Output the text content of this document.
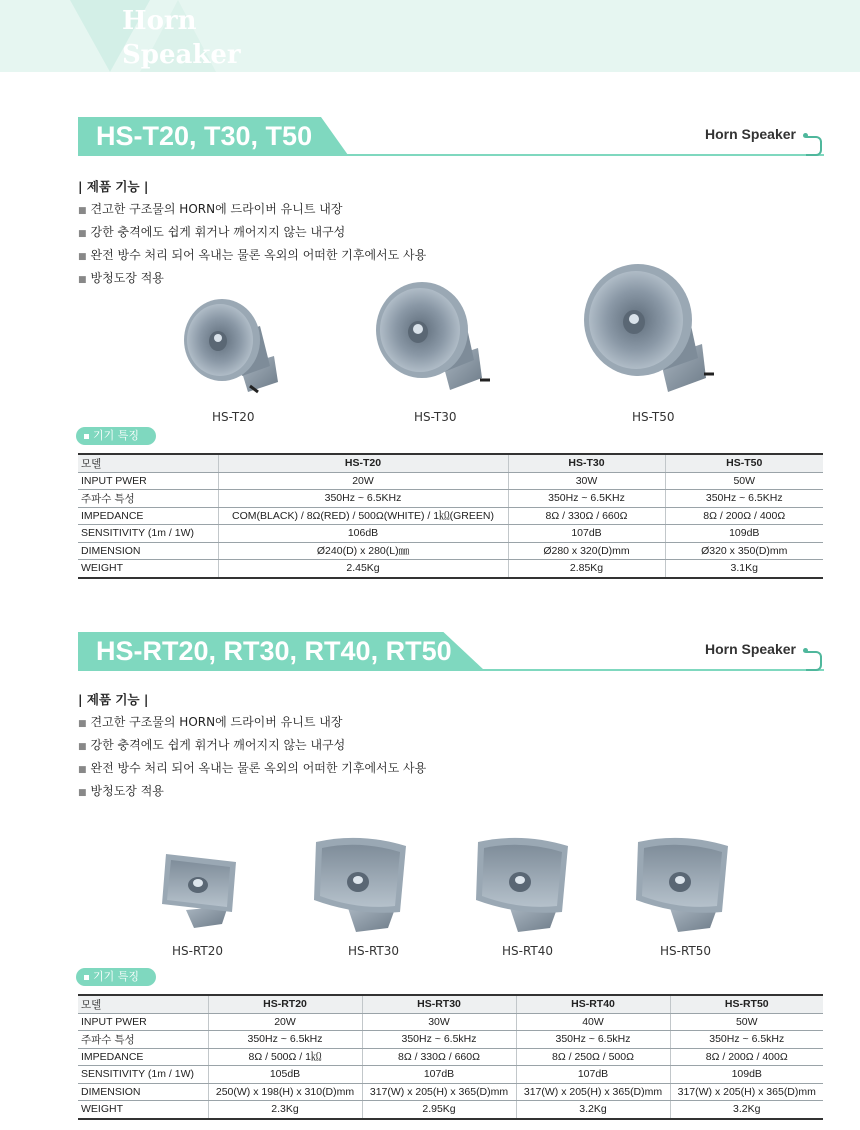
Horn
Speaker
HS-T20, T30, T50	Horn Speaker
| 제품 기능 |
■ 견고한 구조물의 HORN에 드라이버 유니트 내장
■ 강한 충격에도 쉽게 휘거나 깨어지지 않는 내구성
■ 완전 방수 처리 되어 옥내는 물론 옥외의 어떠한 기후에서도 사용
■ 방청도장 적용
HS-T20	HS-T30	HS-T50
기기 특징
모델	HS-T20	HS-T30	HS-T50
INPUT PWER	20W	30W	50W
주파수 특성	350Hz ~ 6.5KHz	350Hz ~ 6.5KHz	350Hz ~ 6.5KHz
IMPEDANCE	COM(BLACK) / 8Ω(RED) / 500Ω(WHITE) / 1㏀(GREEN)	8Ω / 330Ω / 660Ω	8Ω / 200Ω / 400Ω
SENSITIVITY (1m / 1W)	106dB	107dB	109dB
DIMENSION	Ø240(D) x 280(L)㎜	Ø280 x 320(D)mm	Ø320 x 350(D)mm
WEIGHT	2.45Kg	2.85Kg	3.1Kg
HS-RT20, RT30, RT40, RT50	Horn Speaker
| 제품 기능 |
■ 견고한 구조물의 HORN에 드라이버 유니트 내장
■ 강한 충격에도 쉽게 휘거나 깨어지지 않는 내구성
■ 완전 방수 처리 되어 옥내는 물론 옥외의 어떠한 기후에서도 사용
■ 방청도장 적용
HS-RT20	HS-RT30	HS-RT40	HS-RT50
기기 특징
모델	HS-RT20	HS-RT30	HS-RT40	HS-RT50
INPUT PWER	20W	30W	40W	50W
주파수 특성	350Hz ~ 6.5kHz	350Hz ~ 6.5kHz	350Hz ~ 6.5kHz	350Hz ~ 6.5kHz
IMPEDANCE	8Ω / 500Ω / 1㏀	8Ω / 330Ω / 660Ω	8Ω / 250Ω / 500Ω	8Ω / 200Ω / 400Ω
SENSITIVITY (1m / 1W)	105dB	107dB	107dB	109dB
DIMENSION	250(W) x 198(H) x 310(D)mm	317(W) x 205(H) x 365(D)mm	317(W) x 205(H) x 365(D)mm	317(W) x 205(H) x 365(D)mm
WEIGHT	2.3Kg	2.95Kg	3.2Kg	3.2Kg
